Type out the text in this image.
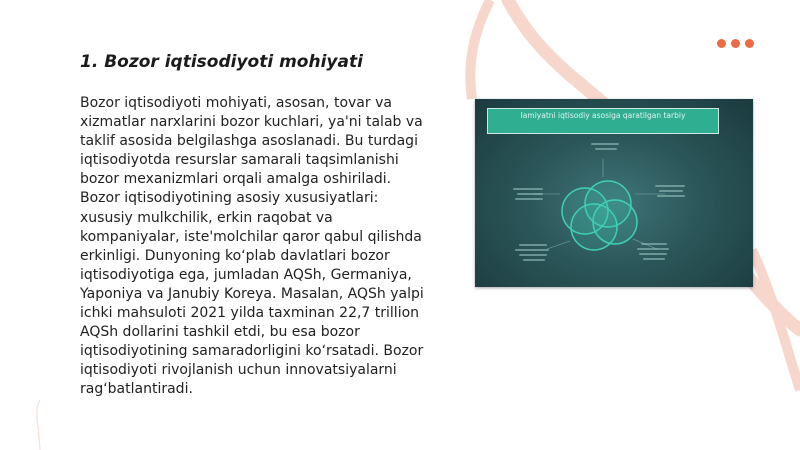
1. Bozor iqtisodiyoti mohiyati

Bozor iqtisodiyoti mohiyati, asosan, tovar va xizmatlar narxlarini bozor kuchlari, ya'ni talab va taklif asosida belgilashga asoslanadi. Bu turdagi iqtisodiyotda resurslar samarali taqsimlanishi bozor mexanizmlari orqali amalga oshiriladi. Bozor iqtisodiyotining asosiy xususiyatlari: xususiy mulkchilik, erkin raqobat va kompaniyalar, iste'molchilar qaror qabul qilishda erkinligi. Dunyoning koʻplab davlatlari bozor iqtisodiyotiga ega, jumladan AQSh, Germaniya, Yaponiya va Janubiy Koreya. Masalan, AQSh yalpi ichki mahsuloti 2021 yilda taxminan 22,7 trillion AQSh dollarini tashkil etdi, bu esa bozor iqtisodiyotining samaradorligini koʻrsatadi. Bozor iqtisodiyoti rivojlanish uchun innovatsiyalarni ragʻbatlantiradi.

Iamiyatni iqtisodiy asosiga qaratilgan tarbiy
